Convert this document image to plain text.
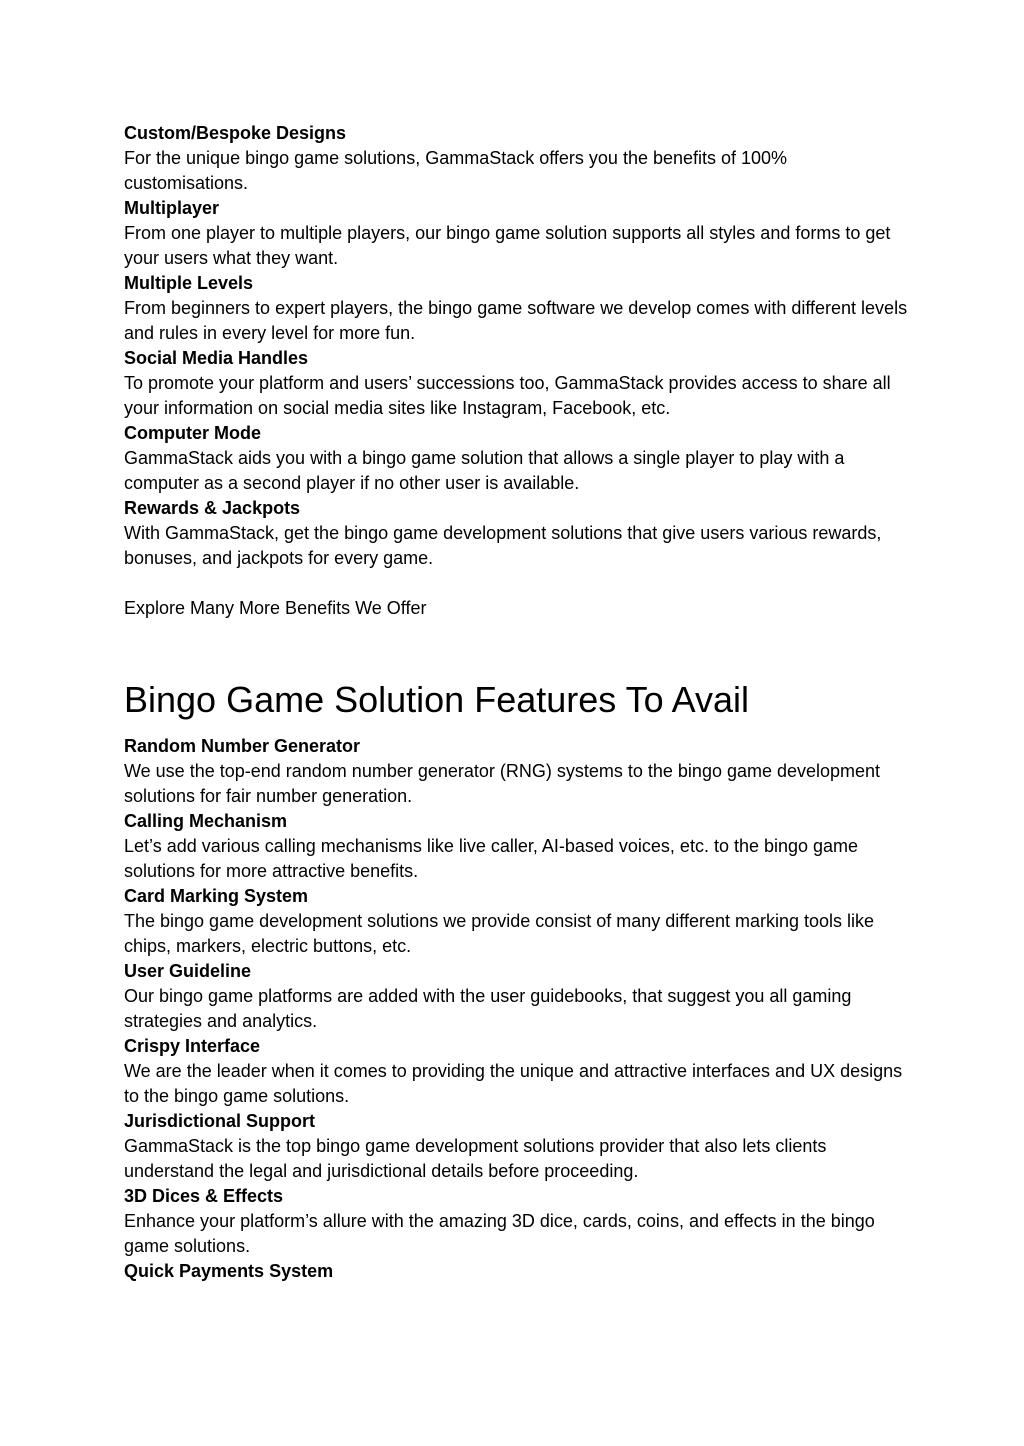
Custom/Bespoke Designs

For the unique bingo game solutions, GammaStack offers you the benefits of 100% customisations.

Multiplayer

From one player to multiple players, our bingo game solution supports all styles and forms to get your users what they want.

Multiple Levels

From beginners to expert players, the bingo game software we develop comes with different levels and rules in every level for more fun.

Social Media Handles

To promote your platform and users’ successions too, GammaStack provides access to share all your information on social media sites like Instagram, Facebook, etc.

Computer Mode

GammaStack aids you with a bingo game solution that allows a single player to play with a computer as a second player if no other user is available.

Rewards & Jackpots

With GammaStack, get the bingo game development solutions that give users various rewards, bonuses, and jackpots for every game.

Explore Many More Benefits We Offer

Bingo Game Solution Features To Avail

Random Number Generator

We use the top-end random number generator (RNG) systems to the bingo game development solutions for fair number generation.

Calling Mechanism

Let’s add various calling mechanisms like live caller, AI-based voices, etc. to the bingo game solutions for more attractive benefits.

Card Marking System

The bingo game development solutions we provide consist of many different marking tools like chips, markers, electric buttons, etc.

User Guideline

Our bingo game platforms are added with the user guidebooks, that suggest you all gaming strategies and analytics.

Crispy Interface

We are the leader when it comes to providing the unique and attractive interfaces and UX designs to the bingo game solutions.

Jurisdictional Support

GammaStack is the top bingo game development solutions provider that also lets clients understand the legal and jurisdictional details before proceeding.

3D Dices & Effects

Enhance your platform’s allure with the amazing 3D dice, cards, coins, and effects in the bingo game solutions.

Quick Payments System
